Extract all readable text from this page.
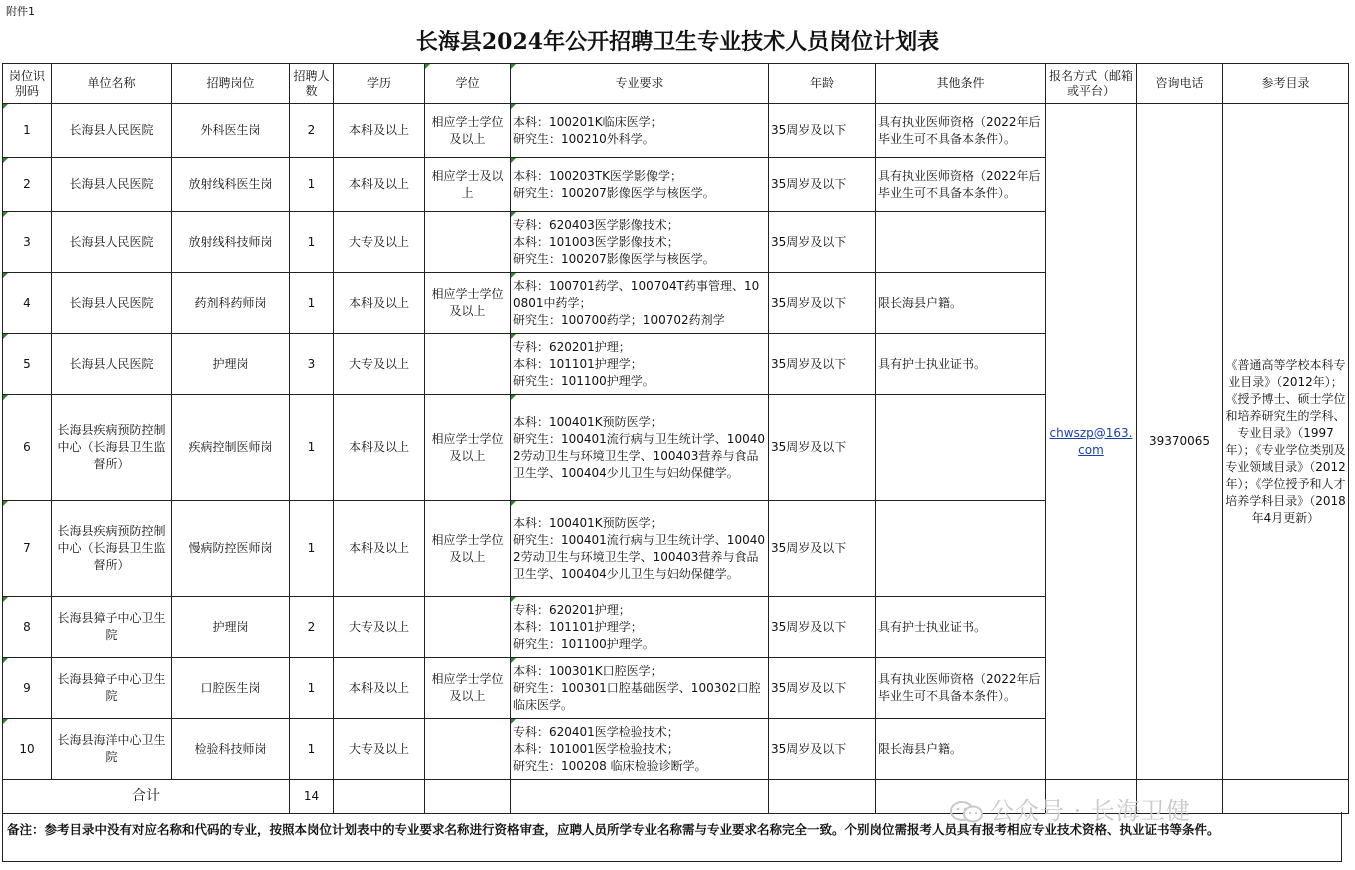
附件1
长海县2024年公开招聘卫生专业技术人员岗位计划表
岗位识别码	单位名称	招聘岗位	招聘人数	学历	学位	专业要求	年龄	其他条件	报名方式（邮箱或平台）	咨询电话	参考目录
1	长海县人民医院	外科医生岗	2	本科及以上	相应学士学位及以上	本科：100201K临床医学；
研究生：100210外科学。	35周岁及以下	具有执业医师资格（2022年后毕业生可不具备本条件）。	chwszp@163.com	39370065	《普通高等学校本科专业目录》（2012年）；《授予博士、硕士学位和培养研究生的学科、专业目录》（1997年）；《专业学位类别及专业领域目录》（2012年）；《学位授予和人才培养学科目录》（2018年4月更新）
2	长海县人民医院	放射线科医生岗	1	本科及以上	相应学士及以上	本科：100203TK医学影像学；
研究生：100207影像医学与核医学。	35周岁及以下	具有执业医师资格（2022年后毕业生可不具备本条件）。			
3	长海县人民医院	放射线科技师岗	1	大专及以上		专科：620403医学影像技术；
本科：101003医学影像技术；
研究生：100207影像医学与核医学。	35周岁及以下				
4	长海县人民医院	药剂科药师岗	1	本科及以上	相应学士学位及以上	本科：100701药学、100704T药事管理、100801中药学；
研究生：100700药学；100702药剂学	35周岁及以下	限长海县户籍。			
5	长海县人民医院	护理岗	3	大专及以上		专科：620201护理；
本科：101101护理学；
研究生：101100护理学。	35周岁及以下	具有护士执业证书。			
6	长海县疾病预防控制中心（长海县卫生监督所）	疾病控制医师岗	1	本科及以上	相应学士学位及以上	本科：100401K预防医学；
研究生：100401流行病与卫生统计学、100402劳动卫生与环境卫生学、100403营养与食品卫生学、100404少儿卫生与妇幼保健学。	35周岁及以下				
7	长海县疾病预防控制中心（长海县卫生监督所）	慢病防控医师岗	1	本科及以上	相应学士学位及以上	本科：100401K预防医学；
研究生：100401流行病与卫生统计学、100402劳动卫生与环境卫生学、100403营养与食品卫生学、100404少儿卫生与妇幼保健学。	35周岁及以下				
8	长海县獐子中心卫生院	护理岗	2	大专及以上		专科：620201护理；
本科：101101护理学；
研究生：101100护理学。	35周岁及以下	具有护士执业证书。			
9	长海县獐子中心卫生院	口腔医生岗	1	本科及以上	相应学士学位及以上	本科：100301K口腔医学；
研究生：100301口腔基础医学、100302口腔临床医学。	35周岁及以下	具有执业医师资格（2022年后毕业生可不具备本条件）。			
10	长海县海洋中心卫生院	检验科技师岗	1	大专及以上		专科：620401医学检验技术；
本科：101001医学检验技术；
研究生：100208 临床检验诊断学。	35周岁及以下	限长海县户籍。			
合计			14								
公众号 · 长海卫健
备注：参考目录中没有对应名称和代码的专业，按照本岗位计划表中的专业要求名称进行资格审查，应聘人员所学专业名称需与专业要求名称完全一致。个别岗位需报考人员具有报考相应专业技术资格、执业证书等条件。
